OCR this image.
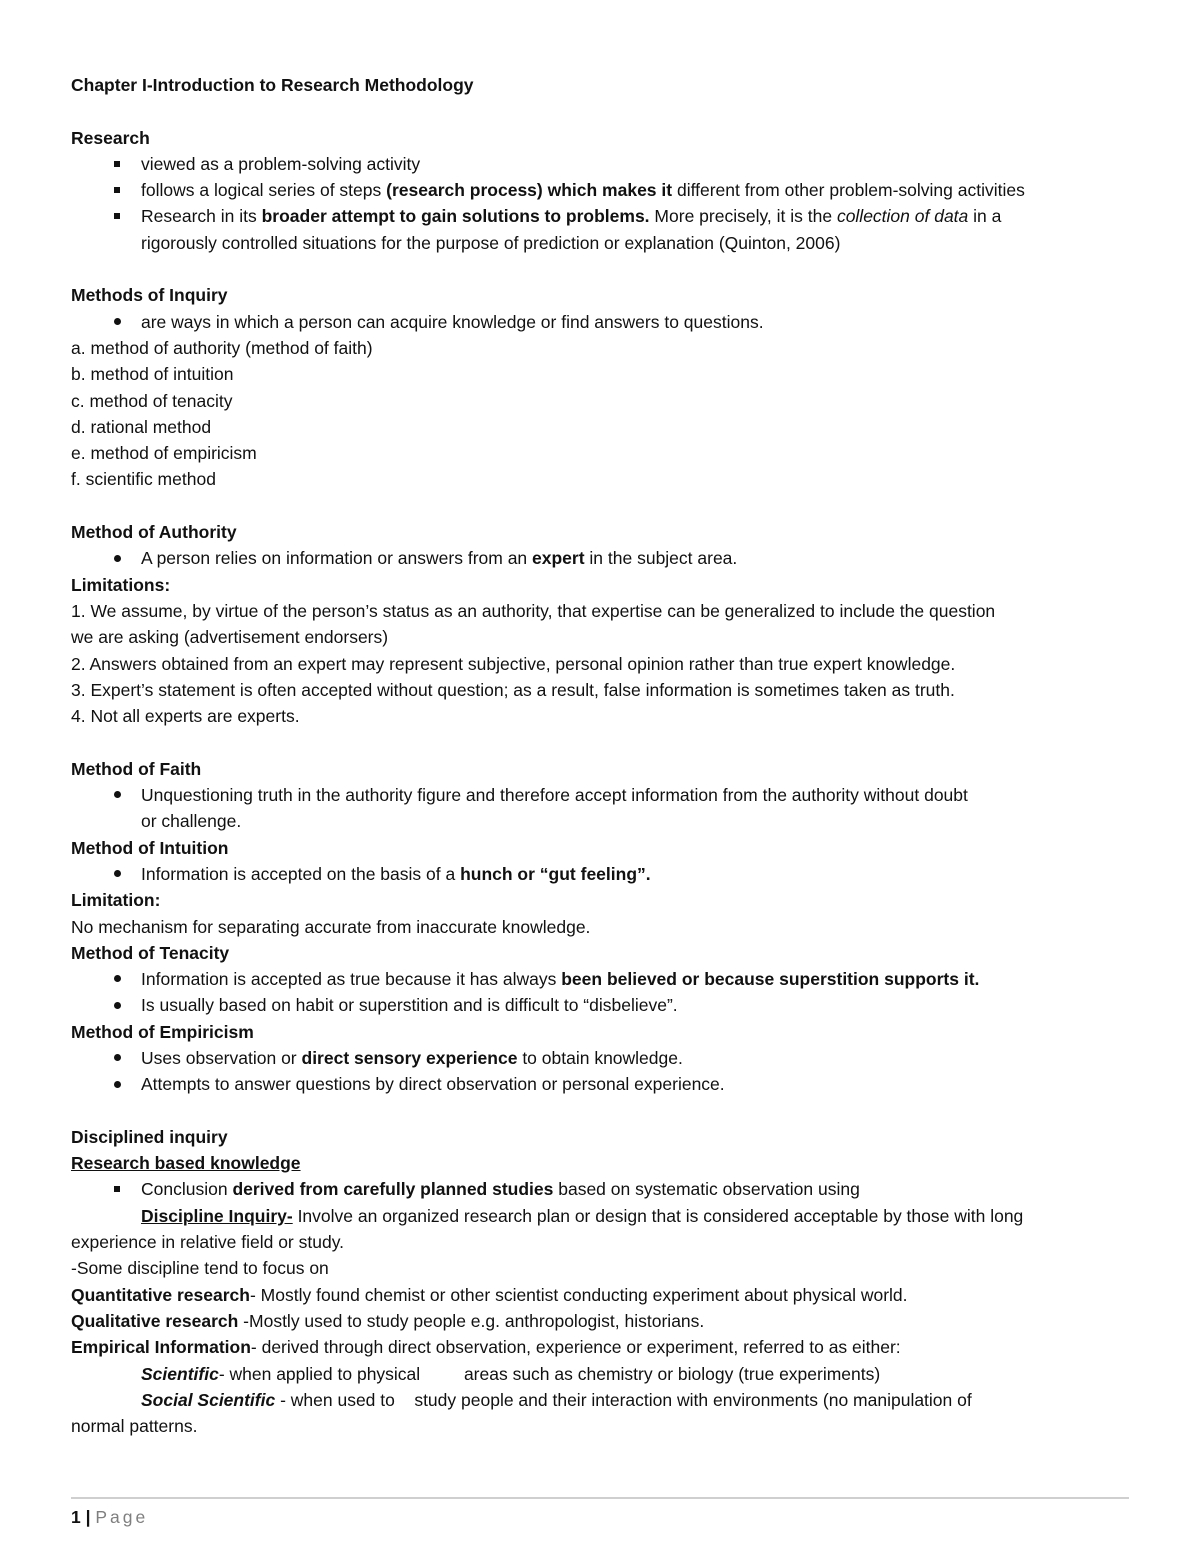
Chapter I-Introduction to Research Methodology
Research
viewed as a problem-solving activity
follows a logical series of steps (research process) which makes it different from other problem-solving activities
Research in its broader attempt to gain solutions to problems. More precisely, it is the collection of data in a
rigorously controlled situations for the purpose of prediction or explanation (Quinton, 2006)
Methods of Inquiry
are ways in which a person can acquire knowledge or find answers to questions.
a. method of authority (method of faith)
b. method of intuition
c. method of tenacity
d. rational method
e. method of empiricism
f. scientific method
Method of Authority
A person relies on information or answers from an expert in the subject area.
Limitations:
1. We assume, by virtue of the person’s status as an authority, that expertise can be generalized to include the question
we are asking (advertisement endorsers)
2. Answers obtained from an expert may represent subjective, personal opinion rather than true expert knowledge.
3. Expert’s statement is often accepted without question; as a result, false information is sometimes taken as truth.
4. Not all experts are experts.
Method of Faith
Unquestioning truth in the authority figure and therefore accept information from the authority without doubt
or challenge.
Method of Intuition
Information is accepted on the basis of a hunch or “gut feeling”.
Limitation:
No mechanism for separating accurate from inaccurate knowledge.
Method of Tenacity
Information is accepted as true because it has always been believed or because superstition supports it.
Is usually based on habit or superstition and is difficult to “disbelieve”.
Method of Empiricism
Uses observation or direct sensory experience to obtain knowledge.
Attempts to answer questions by direct observation or personal experience.
Disciplined inquiry
Research based knowledge
Conclusion derived from carefully planned studies based on systematic observation using
Discipline Inquiry- Involve an organized research plan or design that is considered acceptable by those with long
experience in relative field or study.
-Some discipline tend to focus on
Quantitative research- Mostly found chemist or other scientist conducting experiment about physical world.
Qualitative research -Mostly used to study people e.g. anthropologist, historians.
Empirical Information- derived through direct observation, experience or experiment, referred to as either:
Scientific- when applied to physical         areas such as chemistry or biology (true experiments)
Social Scientific - when used to    study people and their interaction with environments (no manipulation of
normal patterns.
1 | Page
